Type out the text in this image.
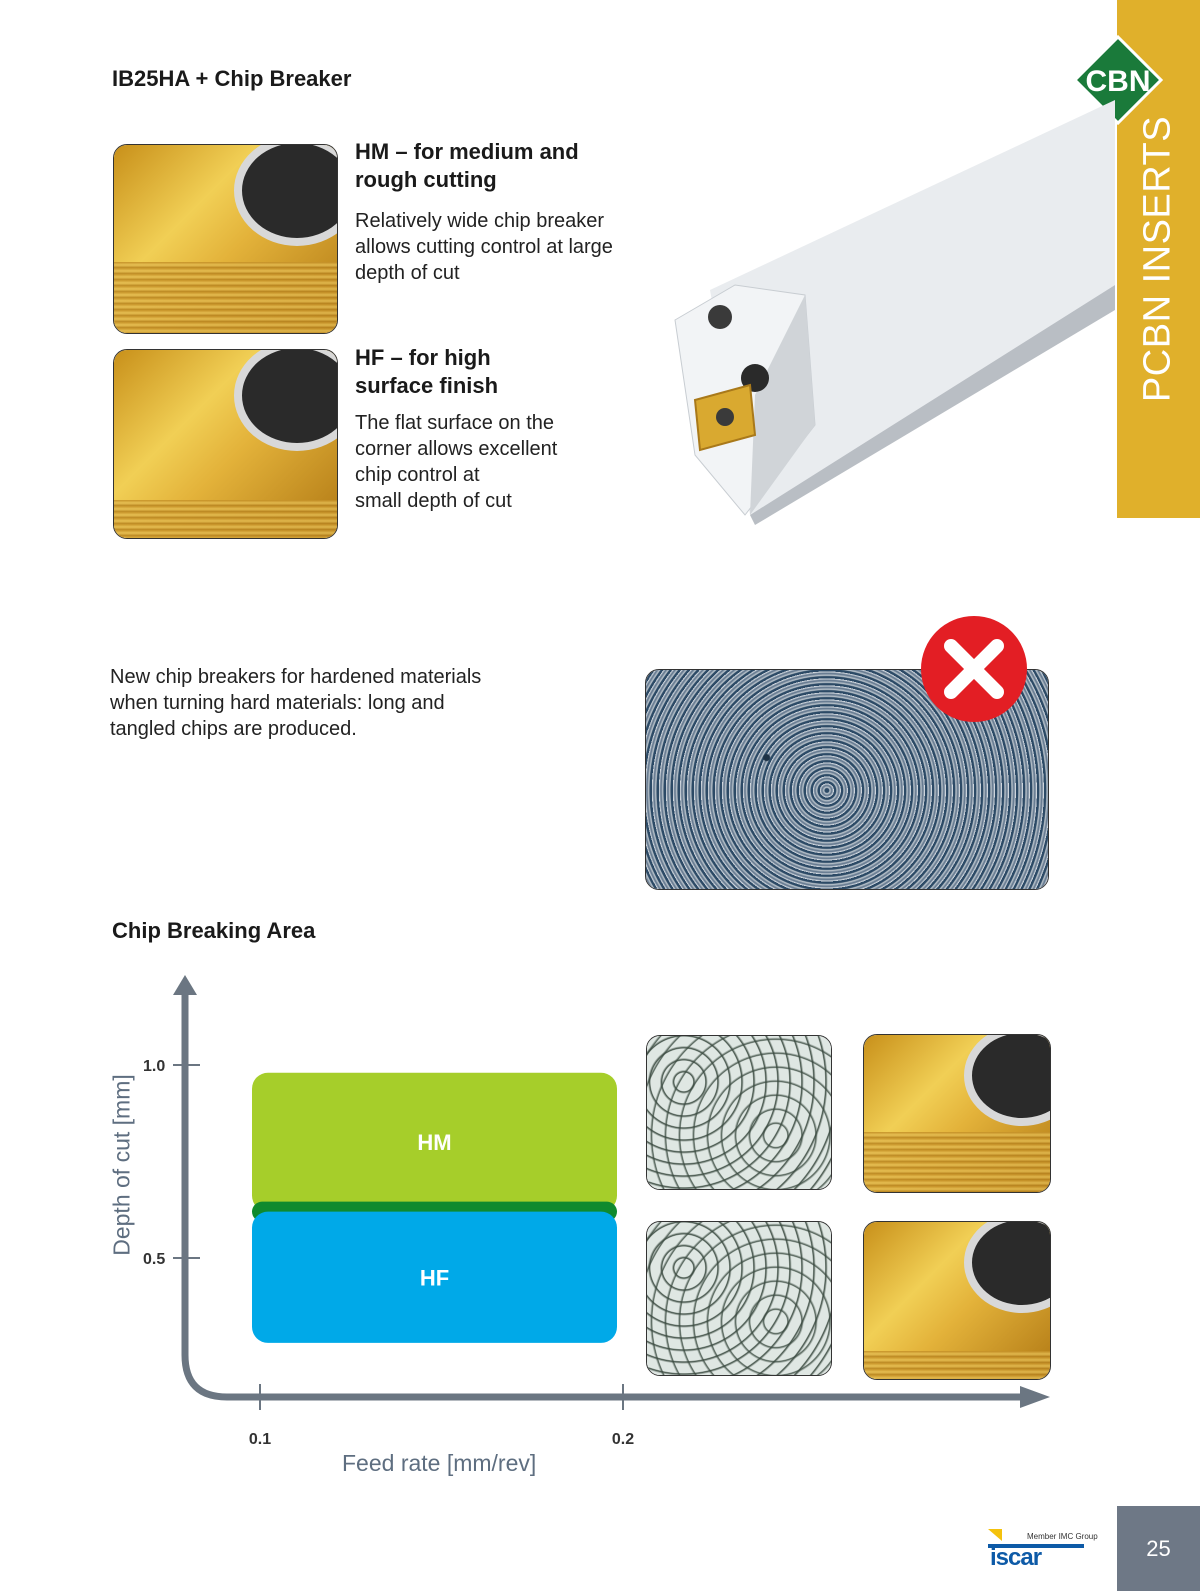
IB25HA + Chip Breaker
PCBN INSERTS
CBN
HM – for medium and
rough cutting
Relatively wide chip breaker
allows cutting control at large
depth of cut
HF – for high
surface finish
The flat surface on the
corner allows excellent
chip control at
small depth of cut
New chip breakers for hardened materials
when turning hard materials: long and
tangled chips are produced.
Chip Breaking Area
HM
HF
1.0
0.5
0.1	0.2
Depth of cut [mm]
Feed rate [mm/rev]
Member IMC Group
iscar	25
